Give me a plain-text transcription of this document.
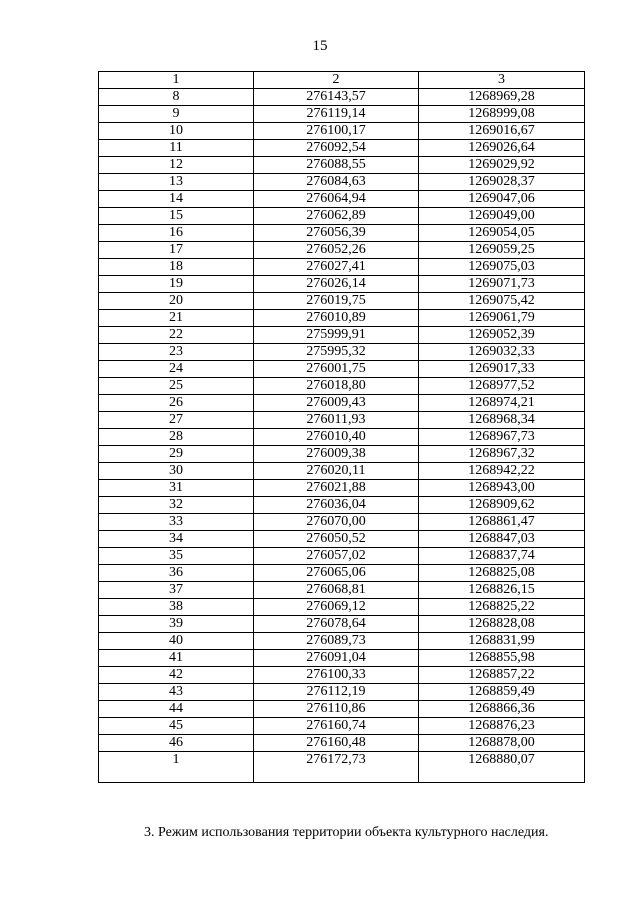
15
1	2	3
8	276143,57	1268969,28
9	276119,14	1268999,08
10	276100,17	1269016,67
11	276092,54	1269026,64
12	276088,55	1269029,92
13	276084,63	1269028,37
14	276064,94	1269047,06
15	276062,89	1269049,00
16	276056,39	1269054,05
17	276052,26	1269059,25
18	276027,41	1269075,03
19	276026,14	1269071,73
20	276019,75	1269075,42
21	276010,89	1269061,79
22	275999,91	1269052,39
23	275995,32	1269032,33
24	276001,75	1269017,33
25	276018,80	1268977,52
26	276009,43	1268974,21
27	276011,93	1268968,34
28	276010,40	1268967,73
29	276009,38	1268967,32
30	276020,11	1268942,22
31	276021,88	1268943,00
32	276036,04	1268909,62
33	276070,00	1268861,47
34	276050,52	1268847,03
35	276057,02	1268837,74
36	276065,06	1268825,08
37	276068,81	1268826,15
38	276069,12	1268825,22
39	276078,64	1268828,08
40	276089,73	1268831,99
41	276091,04	1268855,98
42	276100,33	1268857,22
43	276112,19	1268859,49
44	276110,86	1268866,36
45	276160,74	1268876,23
46	276160,48	1268878,00
1	276172,73	1268880,07
3. Режим использования территории объекта культурного наследия.
